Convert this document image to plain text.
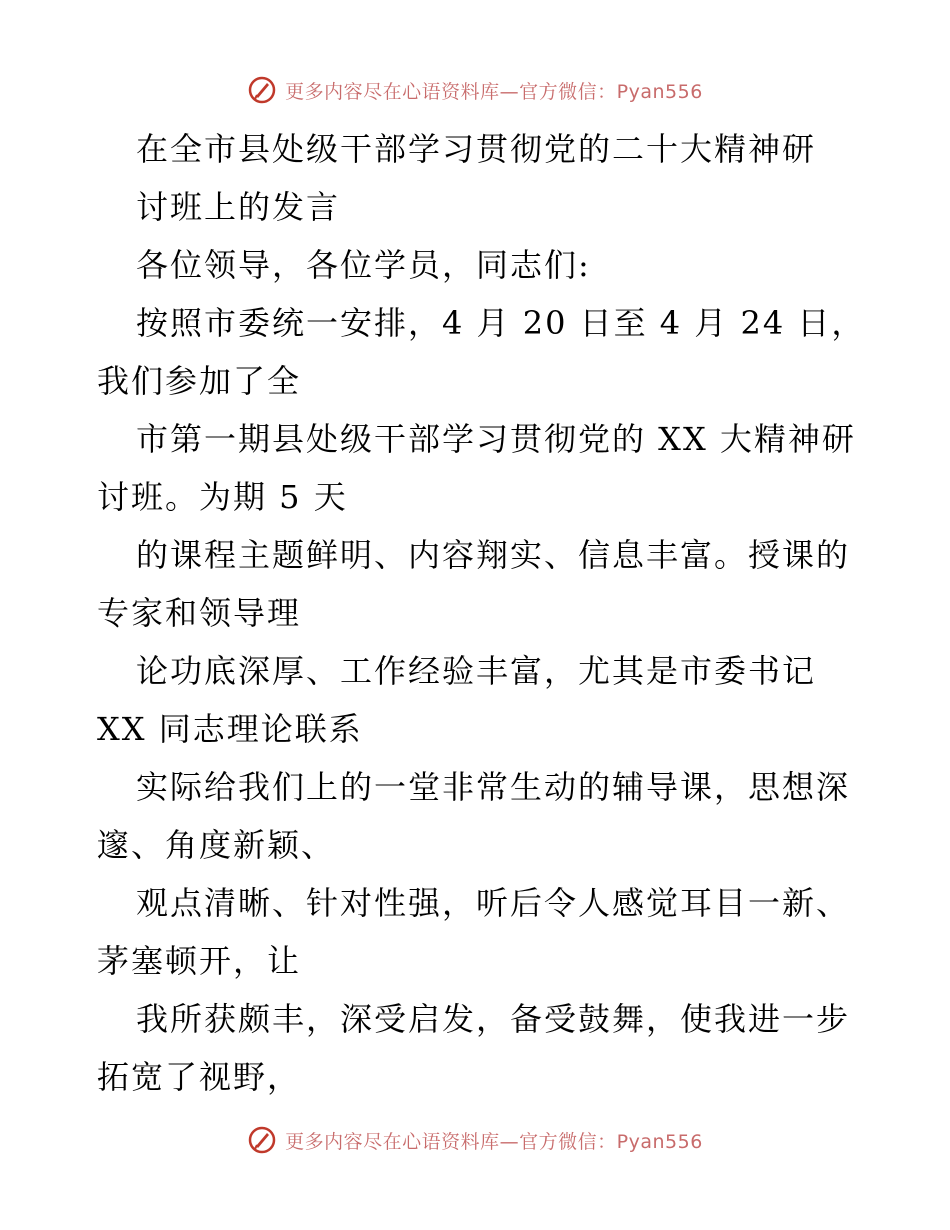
更多内容尽在心语资料库—官方微信：Pyan556
在全市县处级干部学习贯彻党的二十大精神研
讨班上的发言
各位领导，各位学员，同志们:
按照市委统一安排，4 月 20 日至 4 月 24 日，
我们参加了全
市第一期县处级干部学习贯彻党的 XX 大精神研
讨班。为期 5 天
的课程主题鲜明、内容翔实、信息丰富。授课的
专家和领导理
论功底深厚、工作经验丰富，尤其是市委书记
XX 同志理论联系
实际给我们上的一堂非常生动的辅导课，思想深
邃、角度新颖、
观点清晰、针对性强，听后令人感觉耳目一新、
茅塞顿开，让
我所获颇丰，深受启发，备受鼓舞，使我进一步
拓宽了视野，
更多内容尽在心语资料库—官方微信：Pyan556
